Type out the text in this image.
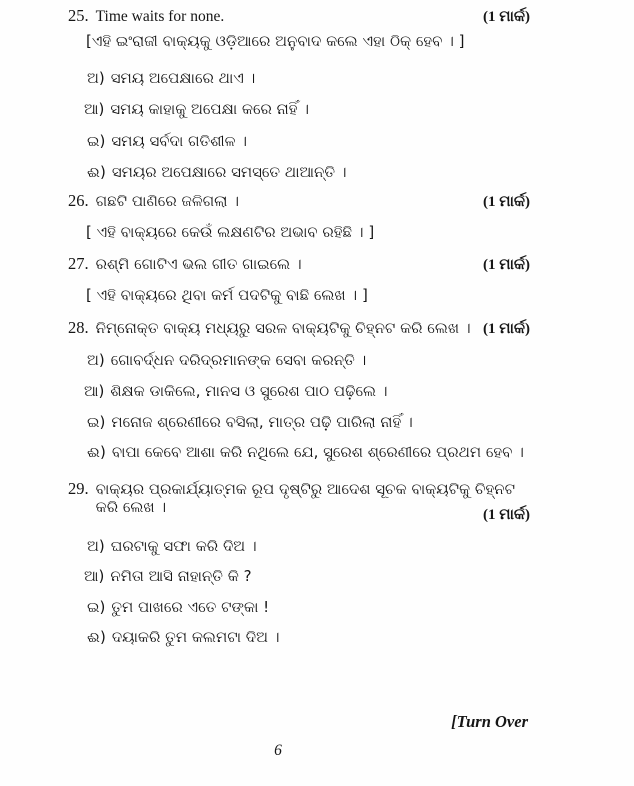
25. Time waits for none.	(1 ମାର୍କ)
[ଏହି ଇଂରାଜୀ ବାକ୍ୟକୁ ଓଡ଼ିଆରେ ଅନୁବାଦ କଲେ ଏହା ଠିକ୍ ହେବ । ]
ଅ) ସମୟ ଅପେକ୍ଷାରେ ଥାଏ ।
ଆ) ସମୟ କାହାକୁ ଅପେକ୍ଷା କରେ ନାହିଁ ।
ଇ) ସମୟ ସର୍ବଦା ଗତିଶୀଳ ।
ଈ) ସମୟର ଅପେକ୍ଷାରେ ସମସ୍ତେ ଥାଆନ୍ତି ।
26. ଗଛଟି ପାଣିରେ ଜଳିଗଲା ।	(1 ମାର୍କ)
[ ଏହି ବାକ୍ୟରେ କେଉଁ ଲକ୍ଷଣଟିର ଅଭାବ ରହିଛି । ]
27. ରଶ୍ମି ଗୋଟିଏ ଭଲ ଗୀତ ଗାଇଲେ ।	(1 ମାର୍କ)
[ ଏହି ବାକ୍ୟରେ ଥିବା କର୍ମ ପଦଟିକୁ ବାଛି ଲେଖ । ]
28. ନିମ୍ନୋକ୍ତ ବାକ୍ୟ ମଧ୍ୟରୁ ସରଳ ବାକ୍ୟଟିକୁ ଚିହ୍ନଟ କରି ଲେଖ । (1 ମାର୍କ)
ଅ) ଗୋବର୍ଦ୍ଧନ ଦରିଦ୍ରମାନଙ୍କ ସେବା କରନ୍ତି ।
ଆ) ଶିକ୍ଷକ ଡାକିଲେ, ମାନସ ଓ ସୁରେଶ ପାଠ ପଢ଼ିଲେ ।
ଇ) ମନୋଜ ଶ୍ରେଣୀରେ ବସିଲା, ମାତ୍ର ପଢ଼ି ପାରିଲା ନାହିଁ ।
ଈ) ବାପା କେବେ ଆଶା କରି ନଥିଲେ ଯେ, ସୁରେଶ ଶ୍ରେଣୀରେ ପ୍ରଥମ ହେବ ।
29. ବାକ୍ୟର ପ୍ରକାର୍ଯ୍ୟାତ୍ମକ ରୂପ ଦୃଷ୍ଟିରୁ ଆଦେଶ ସୂଚକ ବାକ୍ୟଟିକୁ ଚିହ୍ନଟ କରି ଲେଖ ।	(1 ମାର୍କ)
ଅ) ଘରଟାକୁ ସଫା କରି ଦିଅ ।
ଆ) ନମିତା ଆସି ନାହାନ୍ତି କି ?
ଇ) ତୁମ ପାଖରେ ଏତେ ଟଙ୍କା !
ଈ) ଦୟାକରି ତୁମ କଲମଟା ଦିଅ ।
[Turn Over
6
